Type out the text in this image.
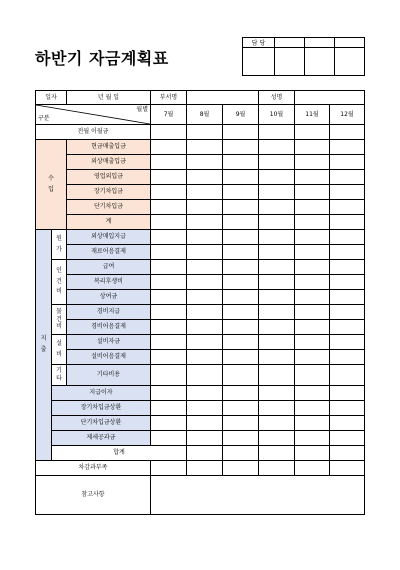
하반기 자금계획표
담 당			

일자		년 월 일	부서명			성명			

월별
구분			7월	8월	9월	10월	11월	12월	
전월 이월금									
수입		현금매출입금							
		외상매출입금							
		영업외입금							
		장기차입금							
		단기차입금							
		계							
지출	원가	외상매입지급							
		재료어음결제							
	인건비	급여							
		복리후생비							
		상여금							
	물건비	경비지급							
		경비어음결제							
	설비	설비자금							
		설비어음결제							
	기타	기타비용							
	지급이자								
	장기차입금상환								
	단기차입금상환								
	제세공과금								
	합계								
차감과부족									
참고사항									
